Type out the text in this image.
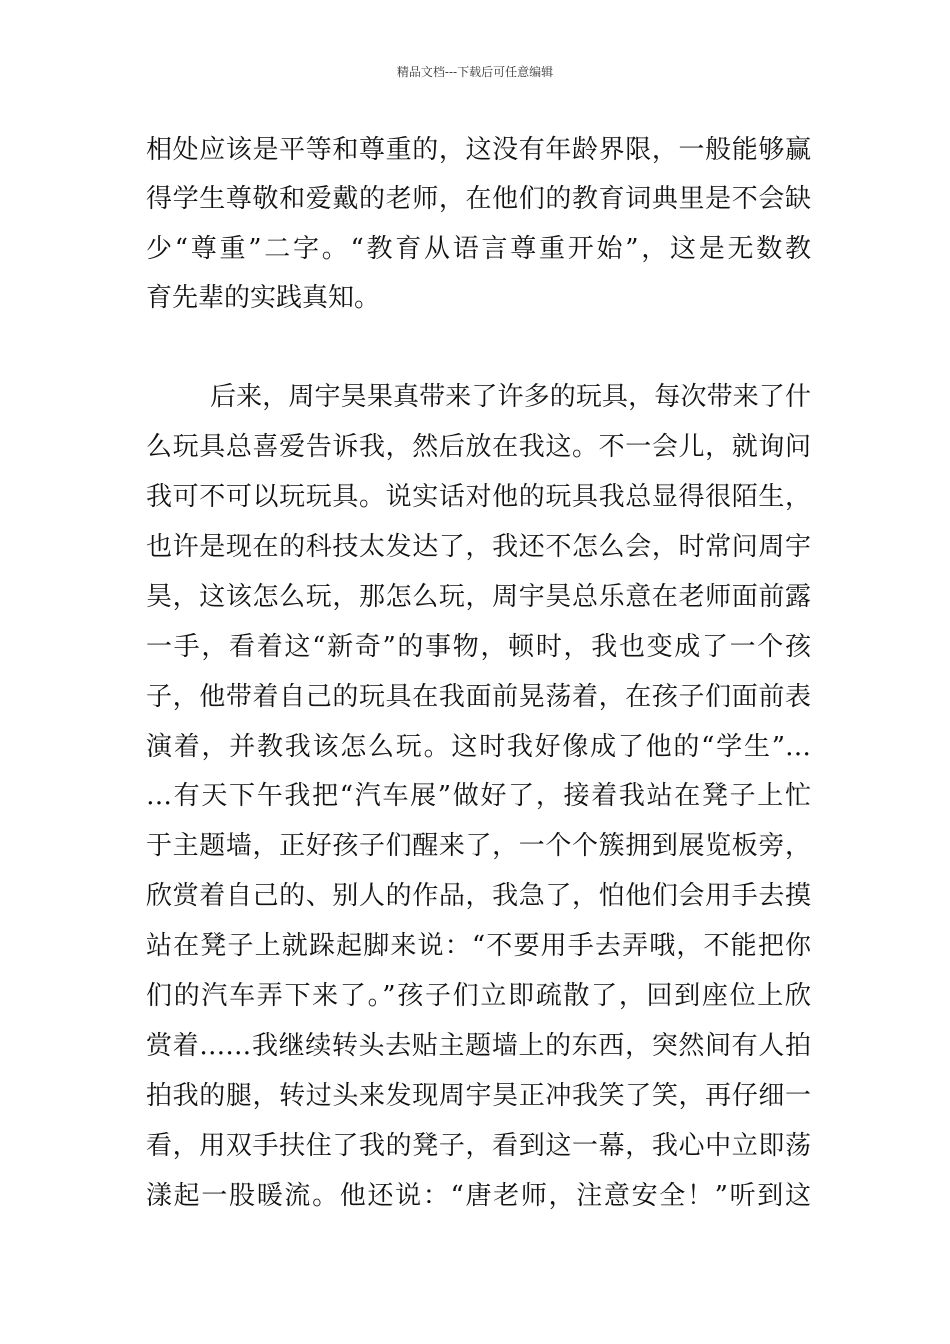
精品文档---下载后可任意编辑
相处应该是平等和尊重的，这没有年龄界限，一般能够赢
得学生尊敬和爱戴的老师，在他们的教育词典里是不会缺
少“尊重”二字。“教育从语言尊重开始”，这是无数教
育先辈的实践真知。
后来，周宇昊果真带来了许多的玩具，每次带来了什
么玩具总喜爱告诉我，然后放在我这。不一会儿，就询问
我可不可以玩玩具。说实话对他的玩具我总显得很陌生，
也许是现在的科技太发达了，我还不怎么会，时常问周宇
昊，这该怎么玩，那怎么玩，周宇昊总乐意在老师面前露
一手，看着这“新奇”的事物，顿时，我也变成了一个孩
子，他带着自己的玩具在我面前晃荡着，在孩子们面前表
演着，并教我该怎么玩。这时我好像成了他的“学生”…
…有天下午我把“汽车展”做好了，接着我站在凳子上忙
于主题墙，正好孩子们醒来了，一个个簇拥到展览板旁，
欣赏着自己的、别人的作品，我急了，怕他们会用手去摸
站在凳子上就跺起脚来说：“不要用手去弄哦，不能把你
们的汽车弄下来了。”孩子们立即疏散了，回到座位上欣
赏着……我继续转头去贴主题墙上的东西，突然间有人拍
拍我的腿，转过头来发现周宇昊正冲我笑了笑，再仔细一
看，用双手扶住了我的凳子，看到这一幕，我心中立即荡
漾起一股暖流。他还说：“唐老师，注意安全！”听到这
